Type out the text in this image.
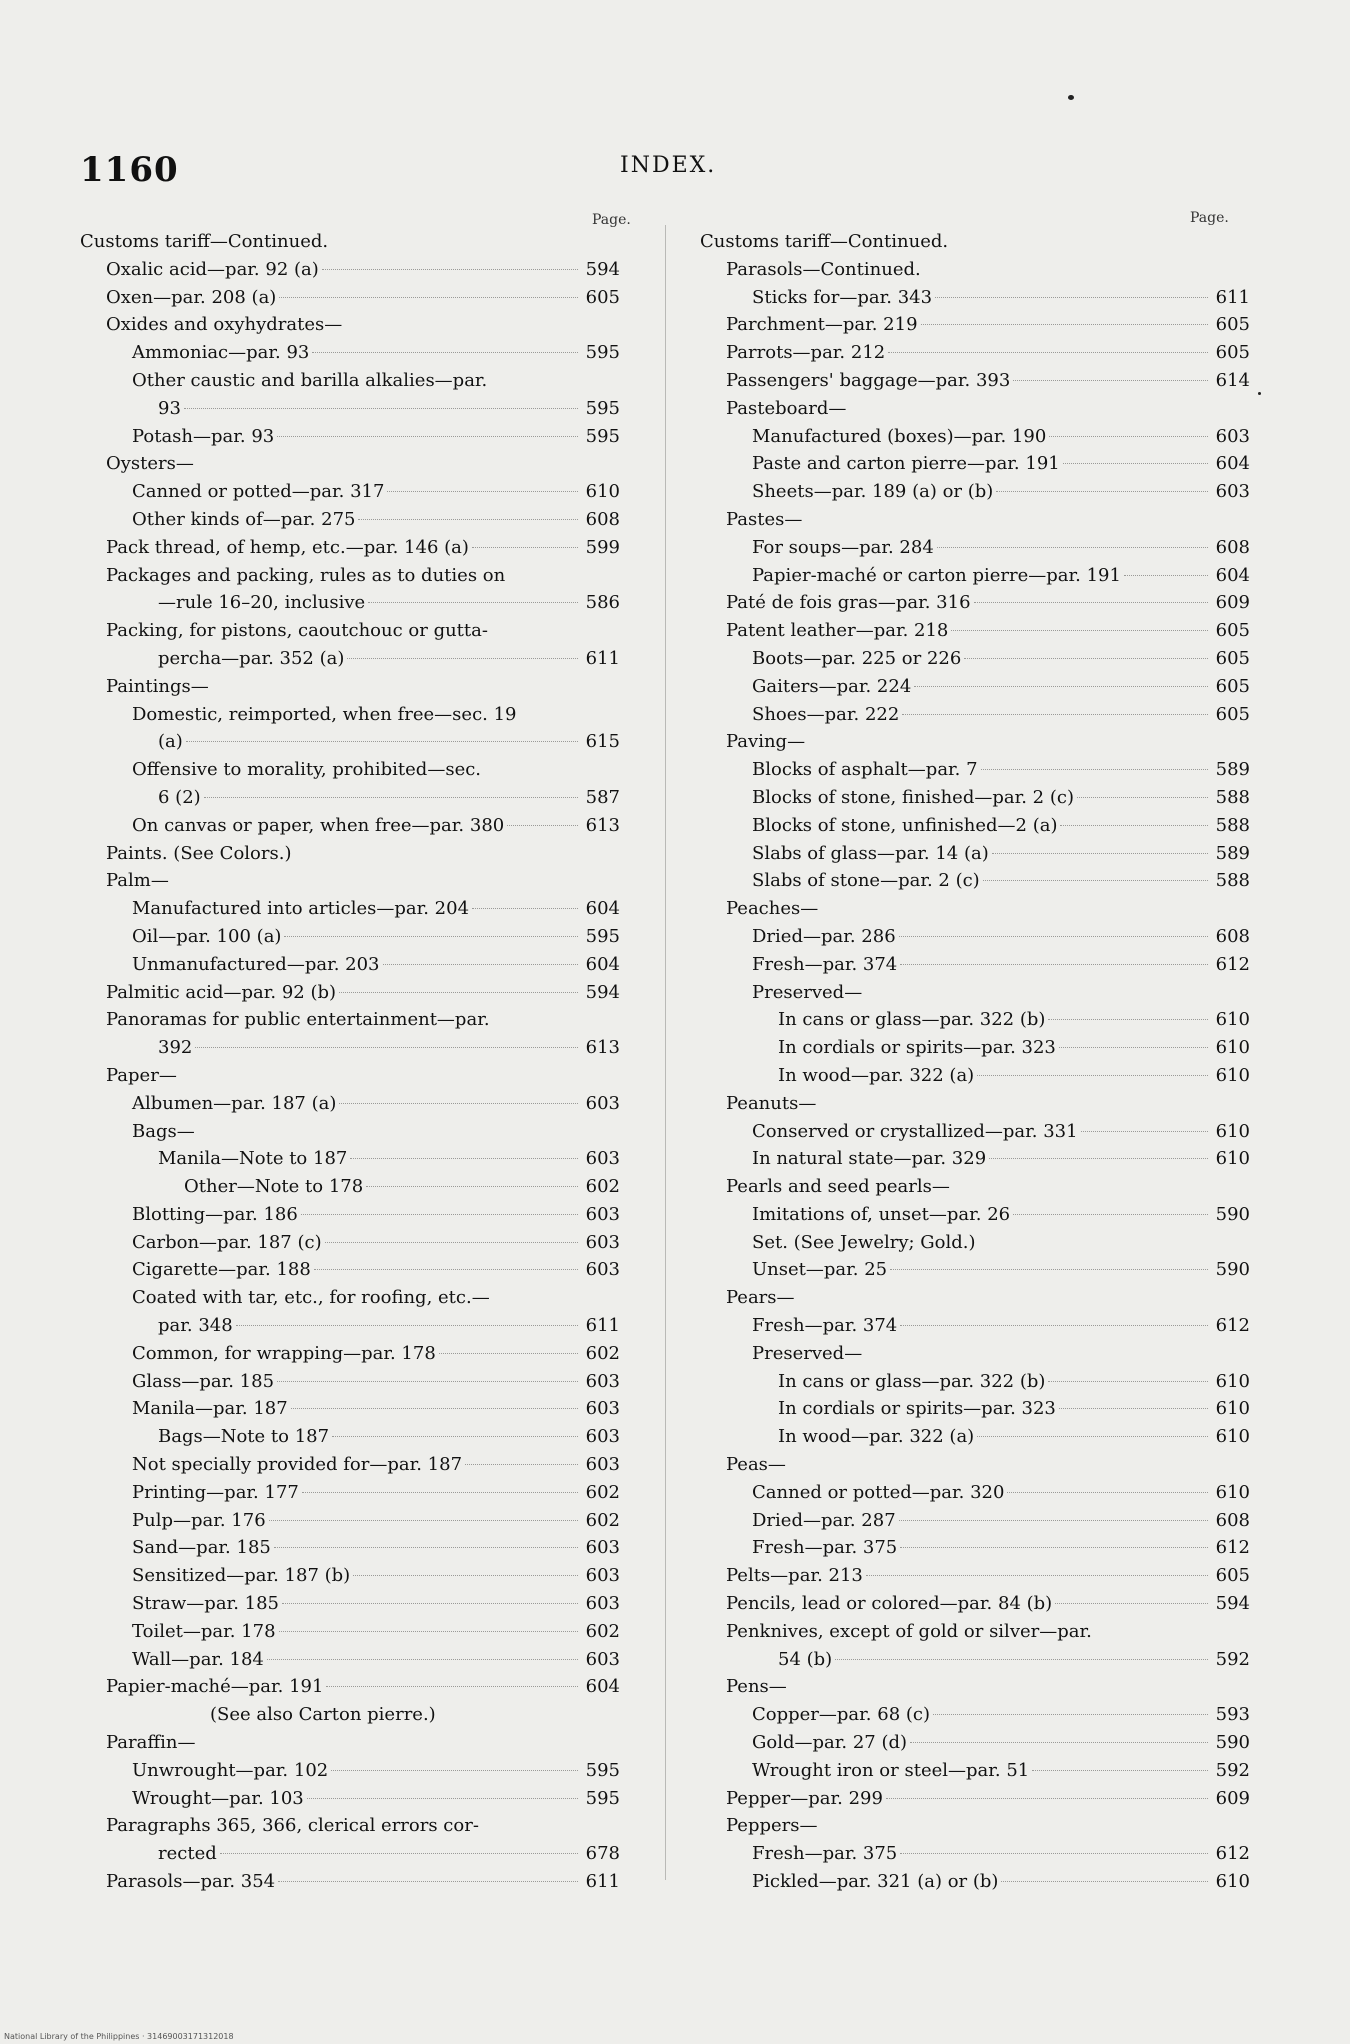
1160	INDEX.
Page.	Page.
Customs tariff—Continued.
Oxalic acid—par. 92 (a)	594
Oxen—par. 208 (a)	605
Oxides and oxyhydrates—
Ammoniac—par. 93	595
Other caustic and barilla alkalies—par.
93	595
Potash—par. 93	595
Oysters—
Canned or potted—par. 317	610
Other kinds of—par. 275	608
Pack thread, of hemp, etc.—par. 146 (a)	599
Packages and packing, rules as to duties on
—rule 16–20, inclusive	586
Packing, for pistons, caoutchouc or gutta-
percha—par. 352 (a)	611
Paintings—
Domestic, reimported, when free—sec. 19
(a)	615
Offensive to morality, prohibited—sec.
6 (2)	587
On canvas or paper, when free—par. 380	613
Paints. (See Colors.)
Palm—
Manufactured into articles—par. 204	604
Oil—par. 100 (a)	595
Unmanufactured—par. 203	604
Palmitic acid—par. 92 (b)	594
Panoramas for public entertainment—par.
392	613
Paper—
Albumen—par. 187 (a)	603
Bags—
Manila—Note to 187	603
Other—Note to 178	602
Blotting—par. 186	603
Carbon—par. 187 (c)	603
Cigarette—par. 188	603
Coated with tar, etc., for roofing, etc.—
par. 348	611
Common, for wrapping—par. 178	602
Glass—par. 185	603
Manila—par. 187	603
Bags—Note to 187	603
Not specially provided for—par. 187	603
Printing—par. 177	602
Pulp—par. 176	602
Sand—par. 185	603
Sensitized—par. 187 (b)	603
Straw—par. 185	603
Toilet—par. 178	602
Wall—par. 184	603
Papier-maché—par. 191	604
(See also Carton pierre.)
Paraffin—
Unwrought—par. 102	595
Wrought—par. 103	595
Paragraphs 365, 366, clerical errors cor-
rected	678
Parasols—par. 354	611
Customs tariff—Continued.
Parasols—Continued.
Sticks for—par. 343	611
Parchment—par. 219	605
Parrots—par. 212	605
Passengers' baggage—par. 393	614
Pasteboard—
Manufactured (boxes)—par. 190	603
Paste and carton pierre—par. 191	604
Sheets—par. 189 (a) or (b)	603
Pastes—
For soups—par. 284	608
Papier-maché or carton pierre—par. 191	604
Paté de fois gras—par. 316	609
Patent leather—par. 218	605
Boots—par. 225 or 226	605
Gaiters—par. 224	605
Shoes—par. 222	605
Paving—
Blocks of asphalt—par. 7	589
Blocks of stone, finished—par. 2 (c)	588
Blocks of stone, unfinished—2 (a)	588
Slabs of glass—par. 14 (a)	589
Slabs of stone—par. 2 (c)	588
Peaches—
Dried—par. 286	608
Fresh—par. 374	612
Preserved—
In cans or glass—par. 322 (b)	610
In cordials or spirits—par. 323	610
In wood—par. 322 (a)	610
Peanuts—
Conserved or crystallized—par. 331	610
In natural state—par. 329	610
Pearls and seed pearls—
Imitations of, unset—par. 26	590
Set. (See Jewelry; Gold.)
Unset—par. 25	590
Pears—
Fresh—par. 374	612
Preserved—
In cans or glass—par. 322 (b)	610
In cordials or spirits—par. 323	610
In wood—par. 322 (a)	610
Peas—
Canned or potted—par. 320	610
Dried—par. 287	608
Fresh—par. 375	612
Pelts—par. 213	605
Pencils, lead or colored—par. 84 (b)	594
Penknives, except of gold or silver—par.
54 (b)	592
Pens—
Copper—par. 68 (c)	593
Gold—par. 27 (d)	590
Wrought iron or steel—par. 51	592
Pepper—par. 299	609
Peppers—
Fresh—par. 375	612
Pickled—par. 321 (a) or (b)	610
National Library of the Philippines · 31469003171312018
